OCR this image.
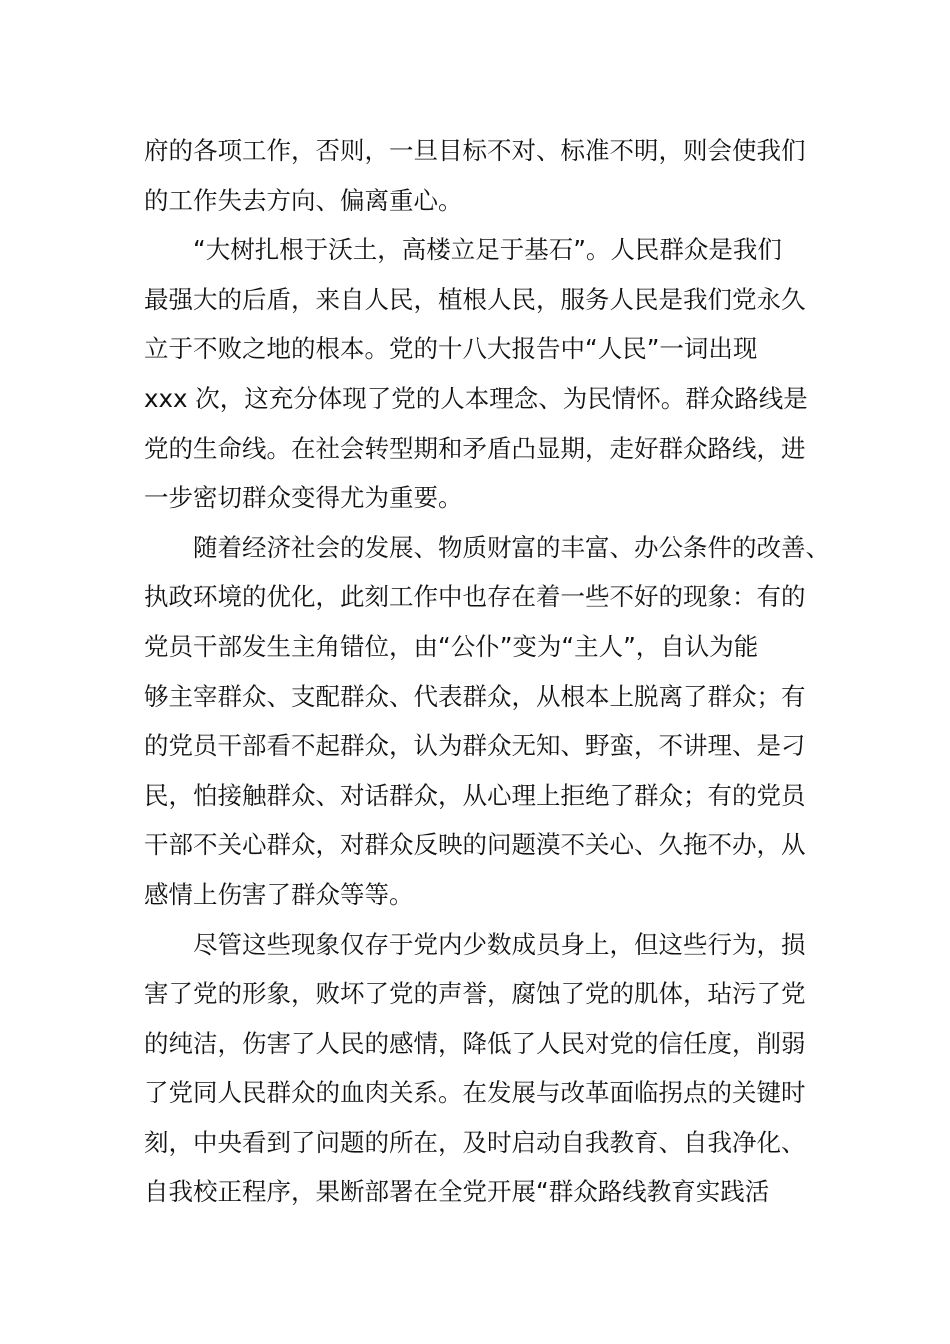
府的各项工作，否则，一旦目标不对、标准不明，则会使我们
的工作失去方向、偏离重心。
　　“大树扎根于沃土，高楼立足于基石”。人民群众是我们
最强大的后盾，来自人民，植根人民，服务人民是我们党永久
立于不败之地的根本。党的十八大报告中“人民”一词出现
xxx 次，这充分体现了党的人本理念、为民情怀。群众路线是
党的生命线。在社会转型期和矛盾凸显期，走好群众路线，进
一步密切群众变得尤为重要。
　　随着经济社会的发展、物质财富的丰富、办公条件的改善、
执政环境的优化，此刻工作中也存在着一些不好的现象：有的
党员干部发生主角错位，由“公仆”变为“主人”，自认为能
够主宰群众、支配群众、代表群众，从根本上脱离了群众；有
的党员干部看不起群众，认为群众无知、野蛮，不讲理、是刁
民，怕接触群众、对话群众，从心理上拒绝了群众；有的党员
干部不关心群众，对群众反映的问题漠不关心、久拖不办，从
感情上伤害了群众等等。
　　尽管这些现象仅存于党内少数成员身上，但这些行为，损
害了党的形象，败坏了党的声誉，腐蚀了党的肌体，玷污了党
的纯洁，伤害了人民的感情，降低了人民对党的信任度，削弱
了党同人民群众的血肉关系。在发展与改革面临拐点的关键时
刻，中央看到了问题的所在，及时启动自我教育、自我净化、
自我校正程序，果断部署在全党开展“群众路线教育实践活
